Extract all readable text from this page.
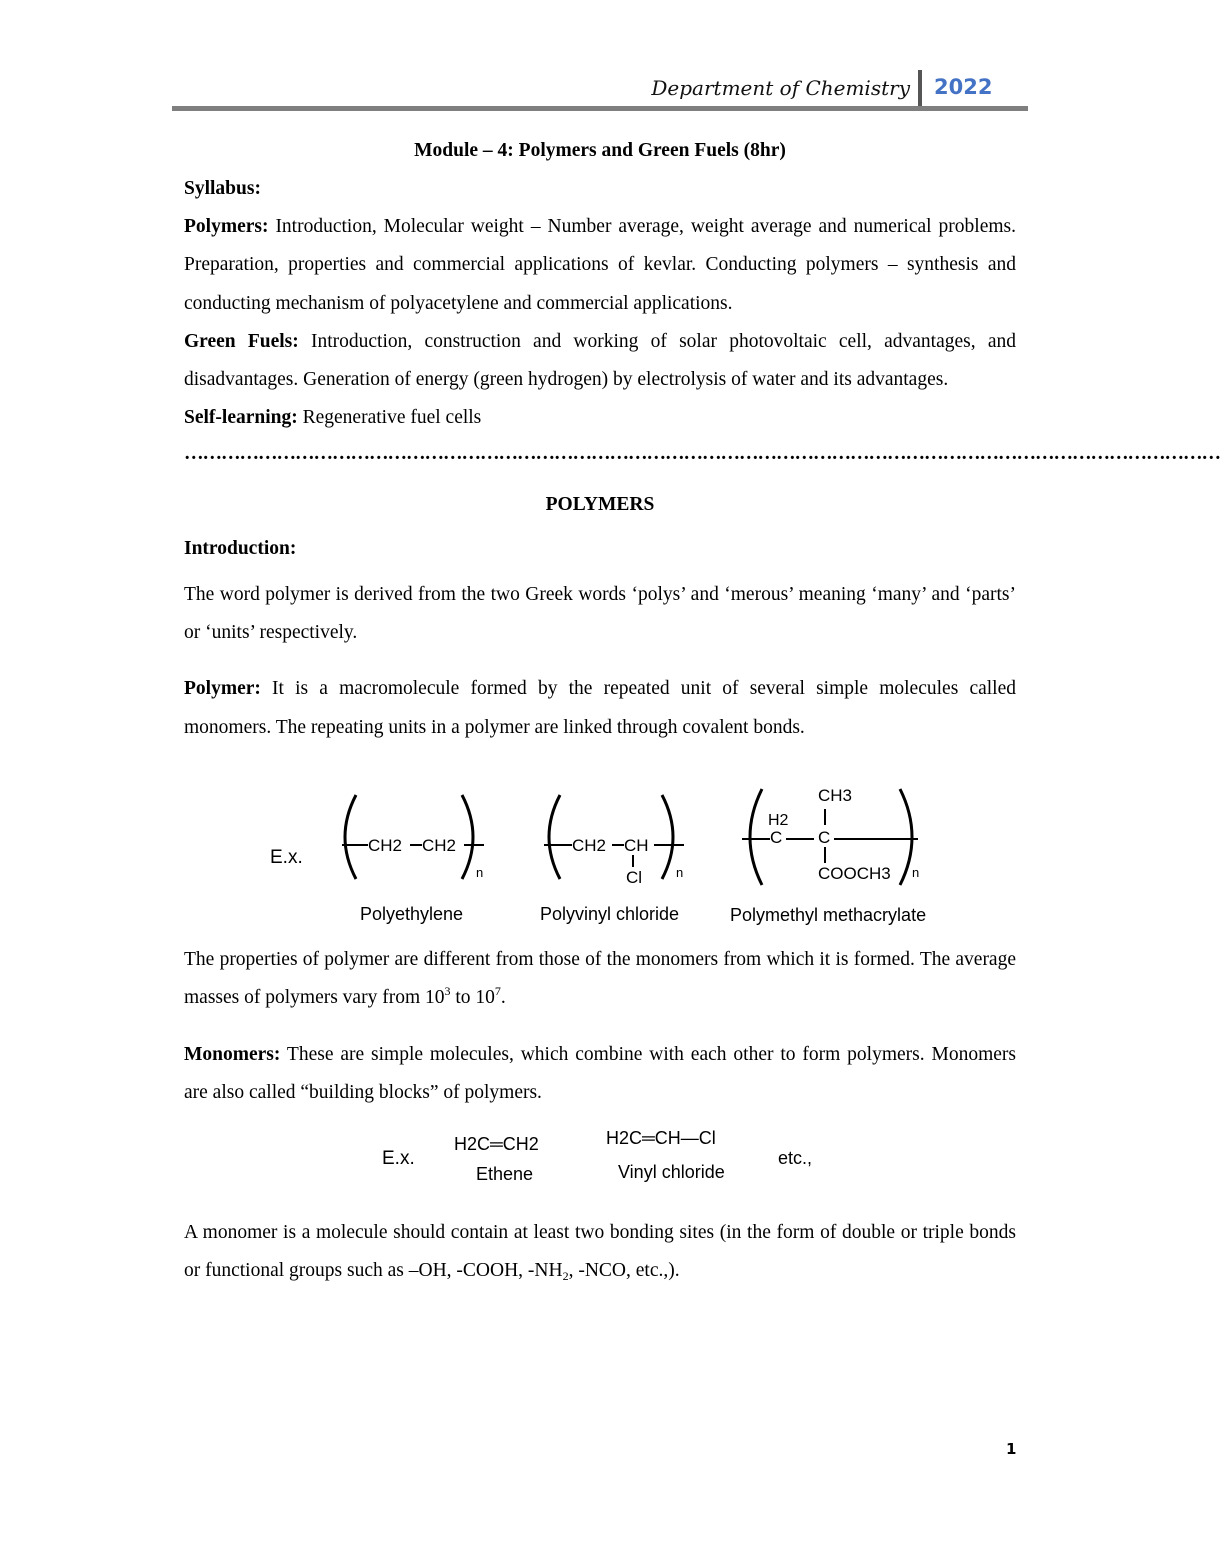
Department of Chemistry 2022

Module – 4: Polymers and Green Fuels (8hr)

Syllabus:

Polymers: Introduction, Molecular weight – Number average, weight average and numerical problems. Preparation, properties and commercial applications of kevlar. Conducting polymers – synthesis and conducting mechanism of polyacetylene and commercial applications.

Green Fuels: Introduction, construction and working of solar photovoltaic cell, advantages, and disadvantages. Generation of energy (green hydrogen) by electrolysis of water and its advantages.

Self-learning: Regenerative fuel cells

……………………………………………………………………………………………………………………………………………………

POLYMERS

Introduction:

The word polymer is derived from the two Greek words ‘polys’ and ‘merous’ meaning ‘many’ and ‘parts’ or ‘units’ respectively.

Polymer: It is a macromolecule formed by the repeated unit of several simple molecules called monomers. The repeating units in a polymer are linked through covalent bonds.

E.x.
CH2 CH2
n
Polyethylene
CH2 CH
Cl	n
Polyvinyl chloride
CH3
H2
C C
COOCH3 n
Polymethyl methacrylate

The properties of polymer are different from those of the monomers from which it is formed. The average masses of polymers vary from $10^3$ to $10^7$.

Monomers: These are simple molecules, which combine with each other to form polymers. Monomers are also called “building blocks” of polymers.

E.x.
H2C═CH2
Ethene
H2C═CH—Cl
Vinyl chloride
etc.,

A monomer is a molecule should contain at least two bonding sites (in the form of double or triple bonds or functional groups such as –OH, -COOH, $-NH_2$, -NCO, etc.,).

1
